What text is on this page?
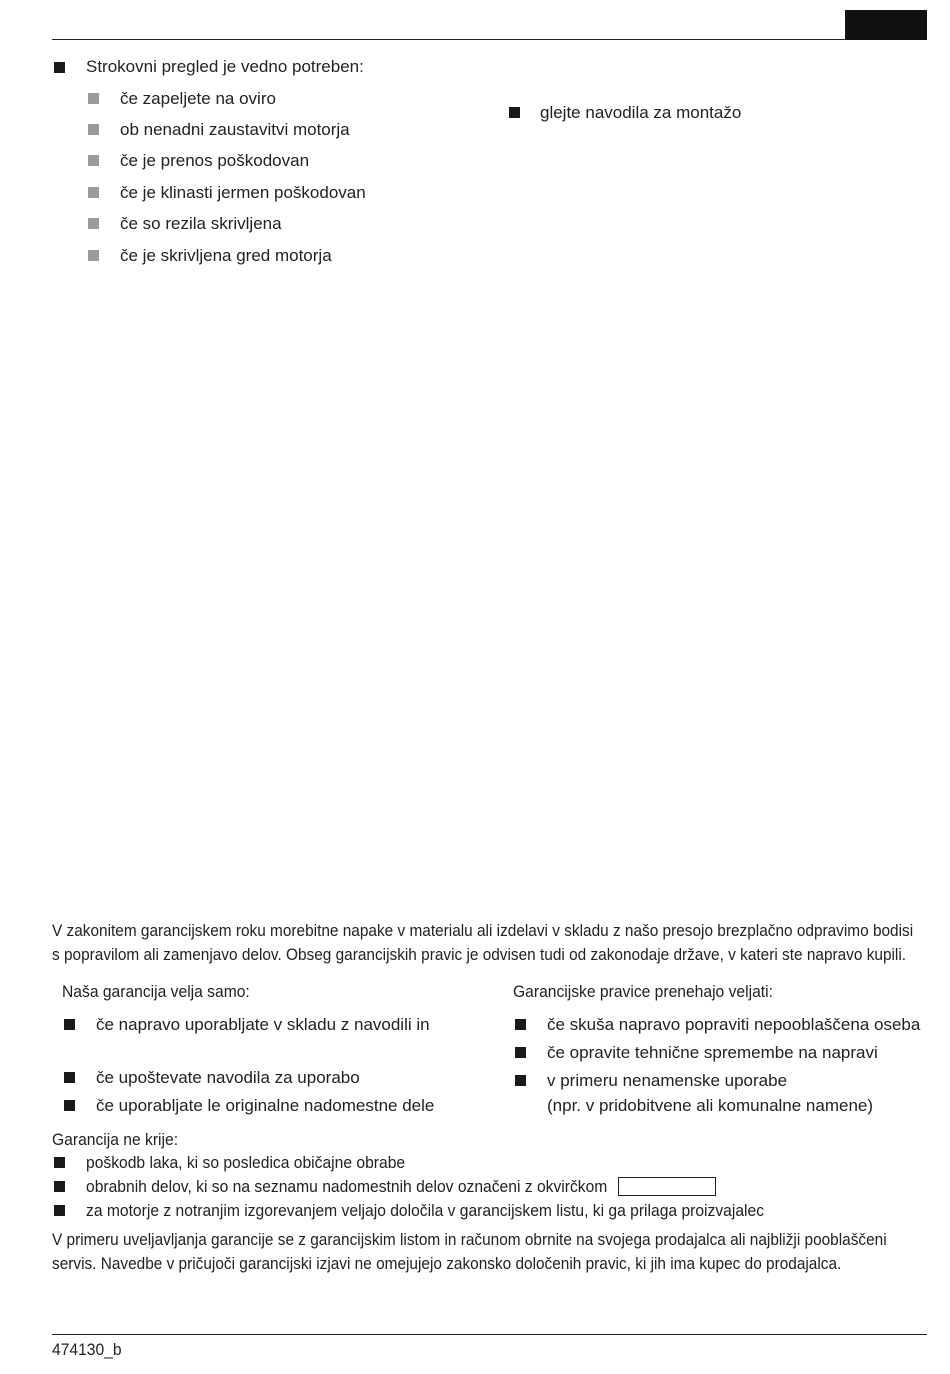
Strokovni pregled je vedno potreben:
če zapeljete na oviro
ob nenadni zaustavitvi motorja
če je prenos poškodovan
če je klinasti jermen poškodovan
če so rezila skrivljena
če je skrivljena gred motorja
glejte navodila za montažo
V zakonitem garancijskem roku morebitne napake v materialu ali izdelavi v skladu z našo presojo brezplačno odpravimo bodisi
s popravilom ali zamenjavo delov. Obseg garancijskih pravic je odvisen tudi od zakonodaje države, v kateri ste napravo kupili.
Naša garancija velja samo:
če napravo uporabljate v skladu z navodili in
če upoštevate navodila za uporabo
če uporabljate le originalne nadomestne dele
Garancijske pravice prenehajo veljati:
če skuša napravo popraviti nepooblaščena oseba
če opravite tehnične spremembe na napravi
v primeru nenamenske uporabe
(npr. v pridobitvene ali komunalne namene)
Garancija ne krije:
poškodb laka, ki so posledica običajne obrabe
obrabnih delov, ki so na seznamu nadomestnih delov označeni z okvirčkom
za motorje z notranjim izgorevanjem veljajo določila v garancijskem listu, ki ga prilaga proizvajalec
V primeru uveljavljanja garancije se z garancijskim listom in računom obrnite na svojega prodajalca ali najbližji pooblaščeni
servis. Navedbe v pričujoči garancijski izjavi ne omejujejo zakonsko določenih pravic, ki jih ima kupec do prodajalca.
474130_b
